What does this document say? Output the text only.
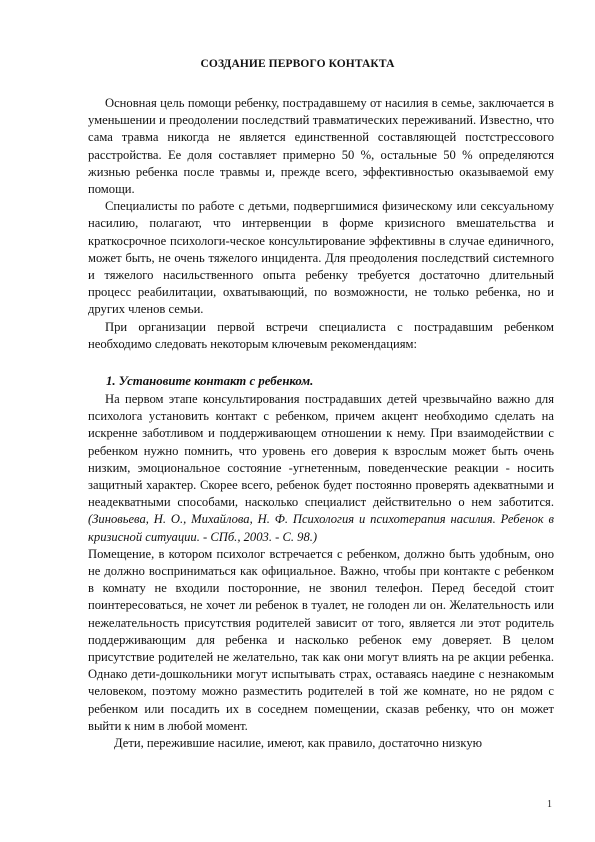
СОЗДАНИЕ ПЕРВОГО КОНТАКТА

Основная цель помощи ребенку, пострадавшему от насилия в семье, заключается в уменьшении и преодолении последствий травматических переживаний. Известно, что сама травма никогда не является единственной составляющей постстрессового расстройства. Ее доля составляет примерно 50 %, остальные 50 % определяются жизнью ребенка после травмы и, прежде всего, эффективностью оказываемой ему помощи.

Специалисты по работе с детьми, подвергшимися физическому или сексуальному насилию, полагают, что интервенции в форме кризисного вмешательства и краткосрочное психологи-ческое консультирование эффективны в случае единичного, может быть, не очень тяжелого инцидента. Для преодоления последствий системного и тяжелого насильственного опыта ребенку требуется достаточно длительный процесс реабилитации, охватывающий, по возможности, не только ребенка, но и других членов семьи.

При организации первой встречи специалиста с пострадавшим ребенком необходимо следовать некоторым ключевым рекомендациям:

1. Установите контакт с ребенком.

На первом этапе консультирования пострадавших детей чрезвычайно важно для психолога установить контакт с ребенком, причем акцент необходимо сделать на искренне заботливом и поддерживающем отношении к нему. При взаимодействии с ребенком нужно помнить, что уровень его доверия к взрослым может быть очень низким, эмоциональное состояние -угнетенным, поведенческие реакции - носить защитный характер. Скорее всего, ребенок будет постоянно проверять адекватными и неадекватными способами, насколько специалист действительно о нем заботится. (Зиновьева, Н. О., Михайлова, Н. Ф. Психология и психотерапия насилия. Ребенок в кризисной ситуации. - СПб., 2003. - С. 98.)

Помещение, в котором психолог встречается с ребенком, должно быть удобным, оно не должно восприниматься как официальное. Важно, чтобы при контакте с ребенком в комнату не входили посторонние, не звонил телефон. Перед беседой стоит поинтересоваться, не хочет ли ребенок в туалет, не голоден ли он. Желательность или нежелательность присутствия родителей зависит от того, является ли этот родитель поддерживающим для ребенка и насколько ребенок ему доверяет. В целом присутствие родителей не желательно, так как они могут влиять на ре акции ребенка. Однако дети-дошкольники могут испытывать страх, оставаясь наедине с незнакомым человеком, поэтому можно разместить родителей в той же комнате, но не рядом с ребенком или посадить их в соседнем помещении, сказав ребенку, что он может выйти к ним в любой момент.

Дети, пережившие насилие, имеют, как правило, достаточно низкую

1
